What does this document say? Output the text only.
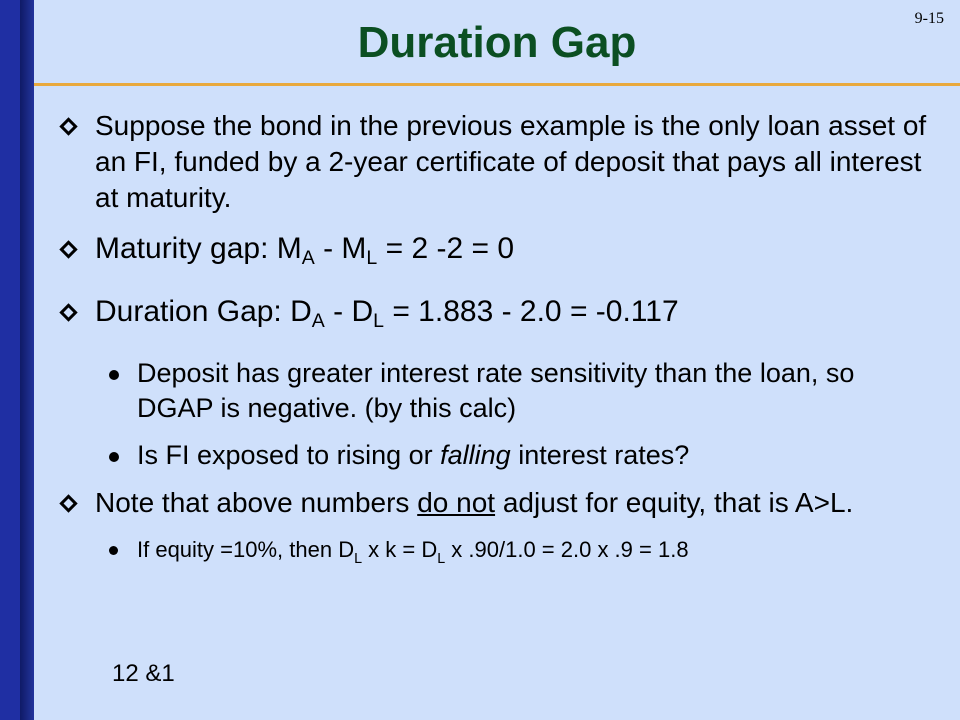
9-15
Duration Gap
Suppose the bond in the previous example is the only loan asset of an FI, funded by a 2-year certificate of deposit that pays all interest at maturity.
Maturity gap: $M_A - M_L = 2$ -2 = 0
Duration Gap: $D_A - D_L = 1.883 - 2.0 = -0.117$
Deposit has greater interest rate sensitivity than the loan, so DGAP is negative. (by this calc)
Is FI exposed to rising or falling interest rates?
Note that above numbers do not adjust for equity, that is A>L.
If equity =10%, then $D_L$ x $k = D_L$ x .90/1.0 = 2.0 x .9 = 1.8
12 &1
